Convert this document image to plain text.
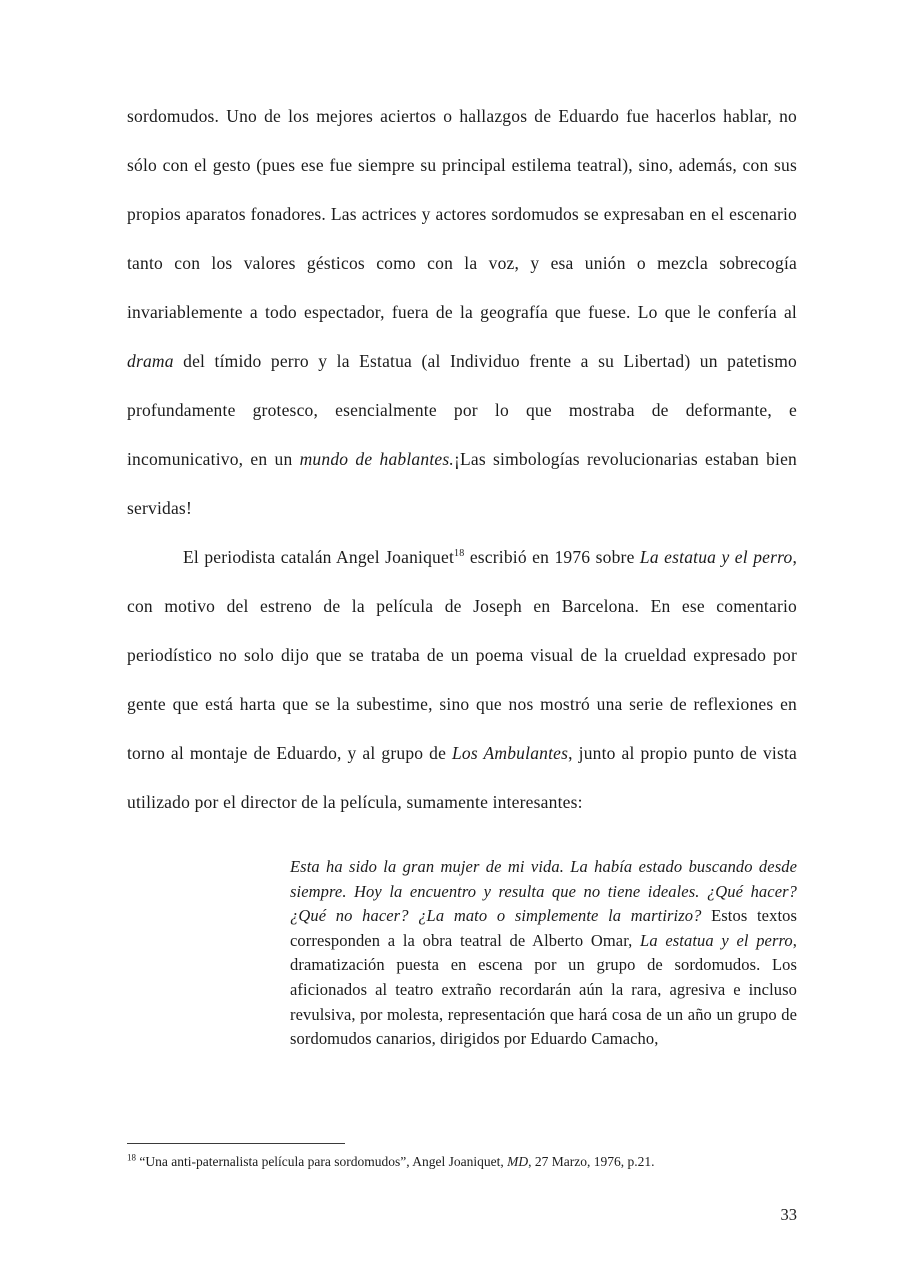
sordomudos. Uno de los mejores aciertos o hallazgos de Eduardo fue hacerlos hablar, no sólo con el gesto (pues ese fue siempre su principal estilema teatral), sino, además, con sus propios aparatos fonadores. Las actrices y actores sordomudos se expresaban en el escenario tanto con los valores gésticos como con la voz, y esa unión o mezcla sobrecogía invariablemente a todo espectador, fuera de la geografía que fuese. Lo que le confería al drama del tímido perro y la Estatua (al Individuo frente a su Libertad) un patetismo profundamente grotesco, esencialmente por lo que mostraba de deformante, e incomunicativo, en un mundo de hablantes.¡Las simbologías revolucionarias estaban bien servidas!

El periodista catalán Angel Joaniquet$^{18}$ escribió en 1976 sobre La estatua y el perro, con motivo del estreno de la película de Joseph en Barcelona. En ese comentario periodístico no solo dijo que se trataba de un poema visual de la crueldad expresado por gente que está harta que se la subestime, sino que nos mostró una serie de reflexiones en torno al montaje de Eduardo, y al grupo de Los Ambulantes, junto al propio punto de vista utilizado por el director de la película, sumamente interesantes:

Esta ha sido la gran mujer de mi vida. La había estado buscando desde siempre. Hoy la encuentro y resulta que no tiene ideales. ¿Qué hacer? ¿Qué no hacer? ¿La mato o simplemente la martirizo? Estos textos corresponden a la obra teatral de Alberto Omar, La estatua y el perro, dramatización puesta en escena por un grupo de sordomudos. Los aficionados al teatro extraño recordarán aún la rara, agresiva e incluso revulsiva, por molesta, representación que hará cosa de un año un grupo de sordomudos canarios, dirigidos por Eduardo Camacho,
$^{18}$ “Una anti-paternalista película para sordomudos”, Angel Joaniquet, MD, 27 Marzo, 1976, p.21.
33
